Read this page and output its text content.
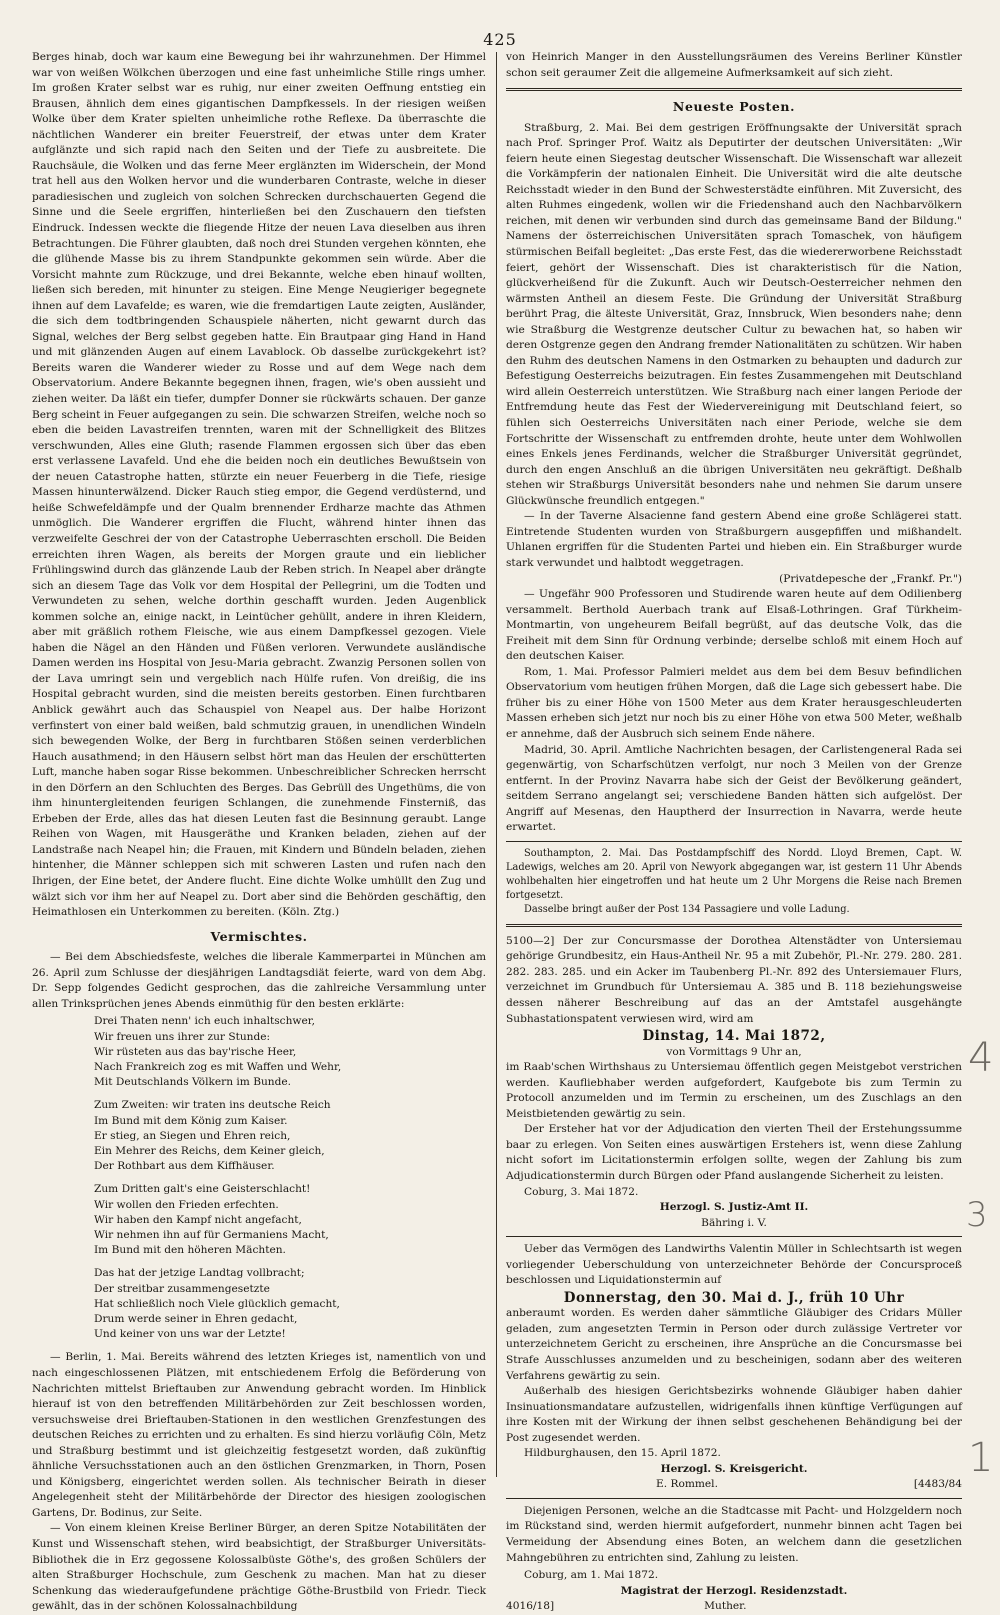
425

Berges hinab, doch war kaum eine Bewegung bei ihr wahrzunehmen. Der Himmel war von weißen Wölkchen überzogen und eine fast unheimliche Stille rings umher. Im großen Krater selbst war es ruhig, nur einer zweiten Oeffnung entstieg ein Brausen, ähnlich dem eines gigantischen Dampfkessels. In der riesigen weißen Wolke über dem Krater spielten unheimliche rothe Reflexe. Da überraschte die nächtlichen Wanderer ein breiter Feuerstreif, der etwas unter dem Krater aufglänzte und sich rapid nach den Seiten und der Tiefe zu ausbreitete. Die Rauchsäule, die Wolken und das ferne Meer erglänzten im Widerschein, der Mond trat hell aus den Wolken hervor und die wunderbaren Contraste, welche in dieser paradiesischen und zugleich von solchen Schrecken durchschauerten Gegend die Sinne und die Seele ergriffen, hinterließen bei den Zuschauern den tiefsten Eindruck. Indessen weckte die fliegende Hitze der neuen Lava dieselben aus ihren Betrachtungen. Die Führer glaubten, daß noch drei Stunden vergehen könnten, ehe die glühende Masse bis zu ihrem Standpunkte gekommen sein würde. Aber die Vorsicht mahnte zum Rückzuge, und drei Bekannte, welche eben hinauf wollten, ließen sich bereden, mit hinunter zu steigen. Eine Menge Neugieriger begegnete ihnen auf dem Lavafelde; es waren, wie die fremdartigen Laute zeigten, Ausländer, die sich dem todtbringenden Schauspiele näherten, nicht gewarnt durch das Signal, welches der Berg selbst gegeben hatte. Ein Brautpaar ging Hand in Hand und mit glänzenden Augen auf einem Lavablock. Ob dasselbe zurückgekehrt ist? Bereits waren die Wanderer wieder zu Rosse und auf dem Wege nach dem Observatorium. Andere Bekannte begegnen ihnen, fragen, wie's oben aussieht und ziehen weiter. Da läßt ein tiefer, dumpfer Donner sie rückwärts schauen. Der ganze Berg scheint in Feuer aufgegangen zu sein. Die schwarzen Streifen, welche noch so eben die beiden Lavastreifen trennten, waren mit der Schnelligkeit des Blitzes verschwunden, Alles eine Gluth; rasende Flammen ergossen sich über das eben erst verlassene Lavafeld. Und ehe die beiden noch ein deutliches Bewußtsein von der neuen Catastrophe hatten, stürzte ein neuer Feuerberg in die Tiefe, riesige Massen hinunterwälzend. Dicker Rauch stieg empor, die Gegend verdüsternd, und heiße Schwefeldämpfe und der Qualm brennender Erdharze machte das Athmen unmöglich. Die Wanderer ergriffen die Flucht, während hinter ihnen das verzweifelte Geschrei der von der Catastrophe Ueberraschten erscholl. Die Beiden erreichten ihren Wagen, als bereits der Morgen graute und ein lieblicher Frühlingswind durch das glänzende Laub der Reben strich. In Neapel aber drängte sich an diesem Tage das Volk vor dem Hospital der Pellegrini, um die Todten und Verwundeten zu sehen, welche dorthin geschafft wurden. Jeden Augenblick kommen solche an, einige nackt, in Leintücher gehüllt, andere in ihren Kleidern, aber mit gräßlich rothem Fleische, wie aus einem Dampfkessel gezogen. Viele haben die Nägel an den Händen und Füßen verloren. Verwundete ausländische Damen werden ins Hospital von Jesu-Maria gebracht. Zwanzig Personen sollen von der Lava umringt sein und vergeblich nach Hülfe rufen. Von dreißig, die ins Hospital gebracht wurden, sind die meisten bereits gestorben. Einen furchtbaren Anblick gewährt auch das Schauspiel von Neapel aus. Der halbe Horizont verfinstert von einer bald weißen, bald schmutzig grauen, in unendlichen Windeln sich bewegenden Wolke, der Berg in furchtbaren Stößen seinen verderblichen Hauch ausathmend; in den Häusern selbst hört man das Heulen der erschütterten Luft, manche haben sogar Risse bekommen. Unbeschreiblicher Schrecken herrscht in den Dörfern an den Schluchten des Berges. Das Gebrüll des Ungethüms, die von ihm hinuntergleitenden feurigen Schlangen, die zunehmende Finsterniß, das Erbeben der Erde, alles das hat diesen Leuten fast die Besinnung geraubt. Lange Reihen von Wagen, mit Hausgeräthe und Kranken beladen, ziehen auf der Landstraße nach Neapel hin; die Frauen, mit Kindern und Bündeln beladen, ziehen hintenher, die Männer schleppen sich mit schweren Lasten und rufen nach den Ihrigen, der Eine betet, der Andere flucht. Eine dichte Wolke umhüllt den Zug und wälzt sich vor ihm her auf Neapel zu. Dort aber sind die Behörden geschäftig, den Heimathlosen ein Unterkommen zu bereiten. (Köln. Ztg.)

Vermischtes.

— Bei dem Abschiedsfeste, welches die liberale Kammerpartei in München am 26. April zum Schlusse der diesjährigen Landtagsdiät feierte, ward von dem Abg. Dr. Sepp folgendes Gedicht gesprochen, das die zahlreiche Versammlung unter allen Trinksprüchen jenes Abends einmüthig für den besten erklärte:

Drei Thaten nenn' ich euch inhaltschwer,
Wir freuen uns ihrer zur Stunde:
Wir rüsteten aus das bay'rische Heer,
Nach Frankreich zog es mit Waffen und Wehr,
Mit Deutschlands Völkern im Bunde.
Zum Zweiten: wir traten ins deutsche Reich
Im Bund mit dem König zum Kaiser.
Er stieg, an Siegen und Ehren reich,
Ein Mehrer des Reichs, dem Keiner gleich,
Der Rothbart aus dem Kiffhäuser.
Zum Dritten galt's eine Geisterschlacht!
Wir wollen den Frieden erfechten.
Wir haben den Kampf nicht angefacht,
Wir nehmen ihn auf für Germaniens Macht,
Im Bund mit den höheren Mächten.
Das hat der jetzige Landtag vollbracht;
Der streitbar zusammengesetzte
Hat schließlich noch Viele glücklich gemacht,
Drum werde seiner in Ehren gedacht,
Und keiner von uns war der Letzte!

— Berlin, 1. Mai. Bereits während des letzten Krieges ist, namentlich von und nach eingeschlossenen Plätzen, mit entschiedenem Erfolg die Beförderung von Nachrichten mittelst Brieftauben zur Anwendung gebracht worden. Im Hinblick hierauf ist von den betreffenden Militärbehörden zur Zeit beschlossen worden, versuchsweise drei Brieftauben-Stationen in den westlichen Grenzfestungen des deutschen Reiches zu errichten und zu erhalten. Es sind hierzu vorläufig Cöln, Metz und Straßburg bestimmt und ist gleichzeitig festgesetzt worden, daß zukünftig ähnliche Versuchsstationen auch an den östlichen Grenzmarken, in Thorn, Posen und Königsberg, eingerichtet werden sollen. Als technischer Beirath in dieser Angelegenheit steht der Militärbehörde der Director des hiesigen zoologischen Gartens, Dr. Bodinus, zur Seite.

— Von einem kleinen Kreise Berliner Bürger, an deren Spitze Notabilitäten der Kunst und Wissenschaft stehen, wird beabsichtigt, der Straßburger Universitäts-Bibliothek die in Erz gegossene Kolossalbüste Göthe's, des großen Schülers der alten Straßburger Hochschule, zum Geschenk zu machen. Man hat zu dieser Schenkung das wiederaufgefundene prächtige Göthe-Brustbild von Friedr. Tieck gewählt, das in der schönen Kolossalnachbildung

von Heinrich Manger in den Ausstellungsräumen des Vereins Berliner Künstler schon seit geraumer Zeit die allgemeine Aufmerksamkeit auf sich zieht.

Neueste Posten.

Straßburg, 2. Mai. Bei dem gestrigen Eröffnungsakte der Universität sprach nach Prof. Springer Prof. Waitz als Deputirter der deutschen Universitäten: „Wir feiern heute einen Siegestag deutscher Wissenschaft. Die Wissenschaft war allezeit die Vorkämpferin der nationalen Einheit. Die Universität wird die alte deutsche Reichsstadt wieder in den Bund der Schwesterstädte einführen. Mit Zuversicht, des alten Ruhmes eingedenk, wollen wir die Friedenshand auch den Nachbarvölkern reichen, mit denen wir verbunden sind durch das gemeinsame Band der Bildung." Namens der österreichischen Universitäten sprach Tomaschek, von häufigem stürmischen Beifall begleitet: „Das erste Fest, das die wiedererworbene Reichsstadt feiert, gehört der Wissenschaft. Dies ist charakteristisch für die Nation, glückverheißend für die Zukunft. Auch wir Deutsch-Oesterreicher nehmen den wärmsten Antheil an diesem Feste. Die Gründung der Universität Straßburg berührt Prag, die älteste Universität, Graz, Innsbruck, Wien besonders nahe; denn wie Straßburg die Westgrenze deutscher Cultur zu bewachen hat, so haben wir deren Ostgrenze gegen den Andrang fremder Nationalitäten zu schützen. Wir haben den Ruhm des deutschen Namens in den Ostmarken zu behaupten und dadurch zur Befestigung Oesterreichs beizutragen. Ein festes Zusammengehen mit Deutschland wird allein Oesterreich unterstützen. Wie Straßburg nach einer langen Periode der Entfremdung heute das Fest der Wiedervereinigung mit Deutschland feiert, so fühlen sich Oesterreichs Universitäten nach einer Periode, welche sie dem Fortschritte der Wissenschaft zu entfremden drohte, heute unter dem Wohlwollen eines Enkels jenes Ferdinands, welcher die Straßburger Universität gegründet, durch den engen Anschluß an die übrigen Universitäten neu gekräftigt. Deßhalb stehen wir Straßburgs Universität besonders nahe und nehmen Sie darum unsere Glückwünsche freundlich entgegen."

— In der Taverne Alsacienne fand gestern Abend eine große Schlägerei statt. Eintretende Studenten wurden von Straßburgern ausgepfiffen und mißhandelt. Uhlanen ergriffen für die Studenten Partei und hieben ein. Ein Straßburger wurde stark verwundet und halbtodt weggetragen.

(Privatdepesche der „Frankf. Pr.")

— Ungefähr 900 Professoren und Studirende waren heute auf dem Odilienberg versammelt. Berthold Auerbach trank auf Elsaß-Lothringen. Graf Türkheim-Montmartin, von ungeheurem Beifall begrüßt, auf das deutsche Volk, das die Freiheit mit dem Sinn für Ordnung verbinde; derselbe schloß mit einem Hoch auf den deutschen Kaiser.

Rom, 1. Mai. Professor Palmieri meldet aus dem bei dem Besuv befindlichen Observatorium vom heutigen frühen Morgen, daß die Lage sich gebessert habe. Die früher bis zu einer Höhe von 1500 Meter aus dem Krater herausgeschleuderten Massen erheben sich jetzt nur noch bis zu einer Höhe von etwa 500 Meter, weßhalb er annehme, daß der Ausbruch sich seinem Ende nähere.

Madrid, 30. April. Amtliche Nachrichten besagen, der Carlistengeneral Rada sei gegenwärtig, von Scharfschützen verfolgt, nur noch 3 Meilen von der Grenze entfernt. In der Provinz Navarra habe sich der Geist der Bevölkerung geändert, seitdem Serrano angelangt sei; verschiedene Banden hätten sich aufgelöst. Der Angriff auf Mesenas, den Hauptherd der Insurrection in Navarra, werde heute erwartet.

Southampton, 2. Mai. Das Postdampfschiff des Nordd. Lloyd Bremen, Capt. W. Ladewigs, welches am 20. April von Newyork abgegangen war, ist gestern 11 Uhr Abends wohlbehalten hier eingetroffen und hat heute um 2 Uhr Morgens die Reise nach Bremen fortgesetzt.

Dasselbe bringt außer der Post 134 Passagiere und volle Ladung.

5100—2] Der zur Concursmasse der Dorothea Altenstädter von Untersiemau gehörige Grundbesitz, ein Haus-Antheil Nr. 95 a mit Zubehör, Pl.-Nr. 279. 280. 281. 282. 283. 285. und ein Acker im Taubenberg Pl.-Nr. 892 des Untersiemauer Flurs, verzeichnet im Grundbuch für Untersiemau A. 385 und B. 118 beziehungsweise dessen näherer Beschreibung auf das an der Amtstafel ausgehängte Subhastationspatent verwiesen wird, wird am

Dinstag, 14. Mai 1872,

von Vormittags 9 Uhr an,

im Raab'schen Wirthshaus zu Untersiemau öffentlich gegen Meistgebot verstrichen werden. Kaufliebhaber werden aufgefordert, Kaufgebote bis zum Termin zu Protocoll anzumelden und im Termin zu erscheinen, um des Zuschlags an den Meistbietenden gewärtig zu sein.

Der Ersteher hat vor der Adjudication den vierten Theil der Erstehungssumme baar zu erlegen. Von Seiten eines auswärtigen Erstehers ist, wenn diese Zahlung nicht sofort im Licitationstermin erfolgen sollte, wegen der Zahlung bis zum Adjudicationstermin durch Bürgen oder Pfand auslangende Sicherheit zu leisten.

Coburg, 3. Mai 1872.

Herzogl. S. Justiz-Amt II.

Bähring i. V.

Ueber das Vermögen des Landwirths Valentin Müller in Schlechtsarth ist wegen vorliegender Ueberschuldung von unterzeichneter Behörde der Concursproceß beschlossen und Liquidationstermin auf

Donnerstag, den 30. Mai d. J., früh 10 Uhr

anberaumt worden. Es werden daher sämmtliche Gläubiger des Cridars Müller geladen, zum angesetzten Termin in Person oder durch zulässige Vertreter vor unterzeichnetem Gericht zu erscheinen, ihre Ansprüche an die Concursmasse bei Strafe Ausschlusses anzumelden und zu bescheinigen, sodann aber des weiteren Verfahrens gewärtig zu sein.

Außerhalb des hiesigen Gerichtsbezirks wohnende Gläubiger haben dahier Insinuationsmandatare aufzustellen, widrigenfalls ihnen künftige Verfügungen auf ihre Kosten mit der Wirkung der ihnen selbst geschehenen Behändigung bei der Post zugesendet werden.

Hildburghausen, den 15. April 1872.

Herzogl. S. Kreisgericht.

E. Rommel.	[4483/84

Diejenigen Personen, welche an die Stadtcasse mit Pacht- und Holzgeldern noch im Rückstand sind, werden hiermit aufgefordert, nunmehr binnen acht Tagen bei Vermeidung der Absendung eines Boten, an welchem dann die gesetzlichen Mahngebühren zu entrichten sind, Zahlung zu leisten.

Coburg, am 1. Mai 1872.

Magistrat der Herzogl. Residenzstadt.

4016/18]	Muther.
4
3
1
